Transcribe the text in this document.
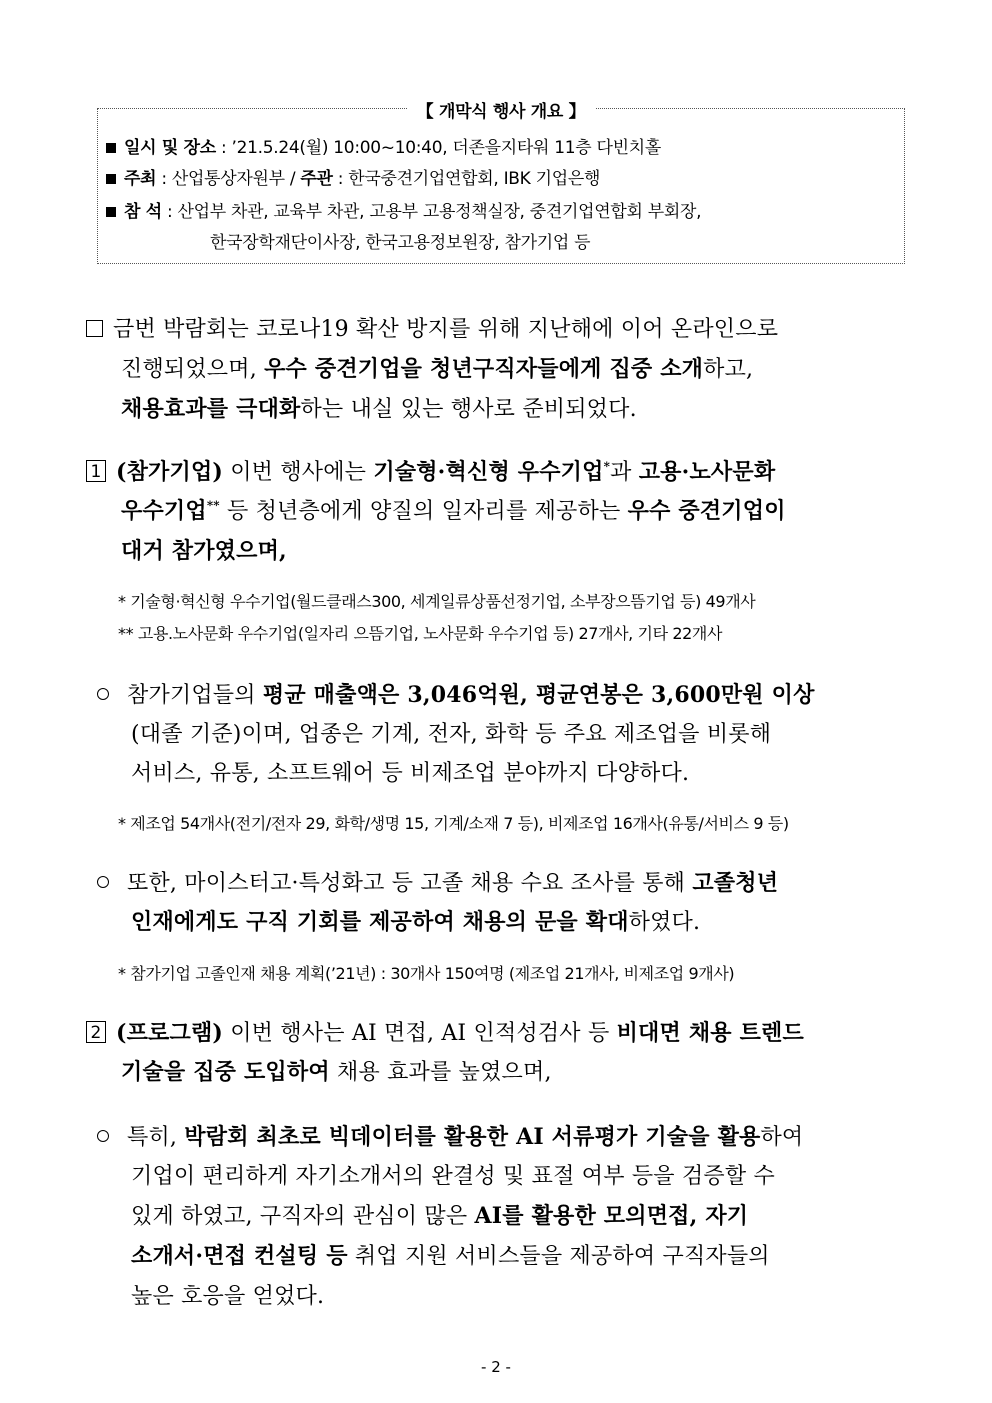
【 개막식 행사 개요 】
일시 및 장소 : ’21.5.24(월) 10:00~10:40, 더존을지타워 11층 다빈치홀
주최 : 산업통상자원부 / 주관 : 한국중견기업연합회, IBK 기업은행
참 석 : 산업부 차관, 교육부 차관, 고용부 고용정책실장, 중견기업연합회 부회장,
한국장학재단이사장, 한국고용정보원장, 참가기업 등
금번 박람회는 코로나19 확산 방지를 위해 지난해에 이어 온라인으로
진행되었으며, 우수 중견기업을 청년구직자들에게 집중 소개하고,
채용효과를 극대화하는 내실 있는 행사로 준비되었다.
1 (참가기업) 이번 행사에는 기술형·혁신형 우수기업*과 고용·노사문화
우수기업** 등 청년층에게 양질의 일자리를 제공하는 우수 중견기업이
대거 참가였으며,
* 기술형·혁신형 우수기업(월드클래스300, 세계일류상품선정기업, 소부장으뜸기업 등) 49개사
** 고용.노사문화 우수기업(일자리 으뜸기업, 노사문화 우수기업 등) 27개사, 기타 22개사
참가기업들의 평균 매출액은 3,046억원, 평균연봉은 3,600만원 이상
(대졸 기준)이며, 업종은 기계, 전자, 화학 등 주요 제조업을 비롯해
서비스, 유통, 소프트웨어 등 비제조업 분야까지 다양하다.
* 제조업 54개사(전기/전자 29, 화학/생명 15, 기계/소재 7 등), 비제조업 16개사(유통/서비스 9 등)
또한, 마이스터고·특성화고 등 고졸 채용 수요 조사를 통해 고졸청년
인재에게도 구직 기회를 제공하여 채용의 문을 확대하였다.
* 참가기업 고졸인재 채용 계획(’21년) : 30개사 150여명 (제조업 21개사, 비제조업 9개사)
2 (프로그램) 이번 행사는 AI 면접, AI 인적성검사 등 비대면 채용 트렌드
기술을 집중 도입하여 채용 효과를 높였으며,
특히, 박람회 최초로 빅데이터를 활용한 AI 서류평가 기술을 활용하여
기업이 편리하게 자기소개서의 완결성 및 표절 여부 등을 검증할 수
있게 하였고, 구직자의 관심이 많은 AI를 활용한 모의면접, 자기
소개서·면접 컨설팅 등 취업 지원 서비스들을 제공하여 구직자들의
높은 호응을 얻었다.
- 2 -
